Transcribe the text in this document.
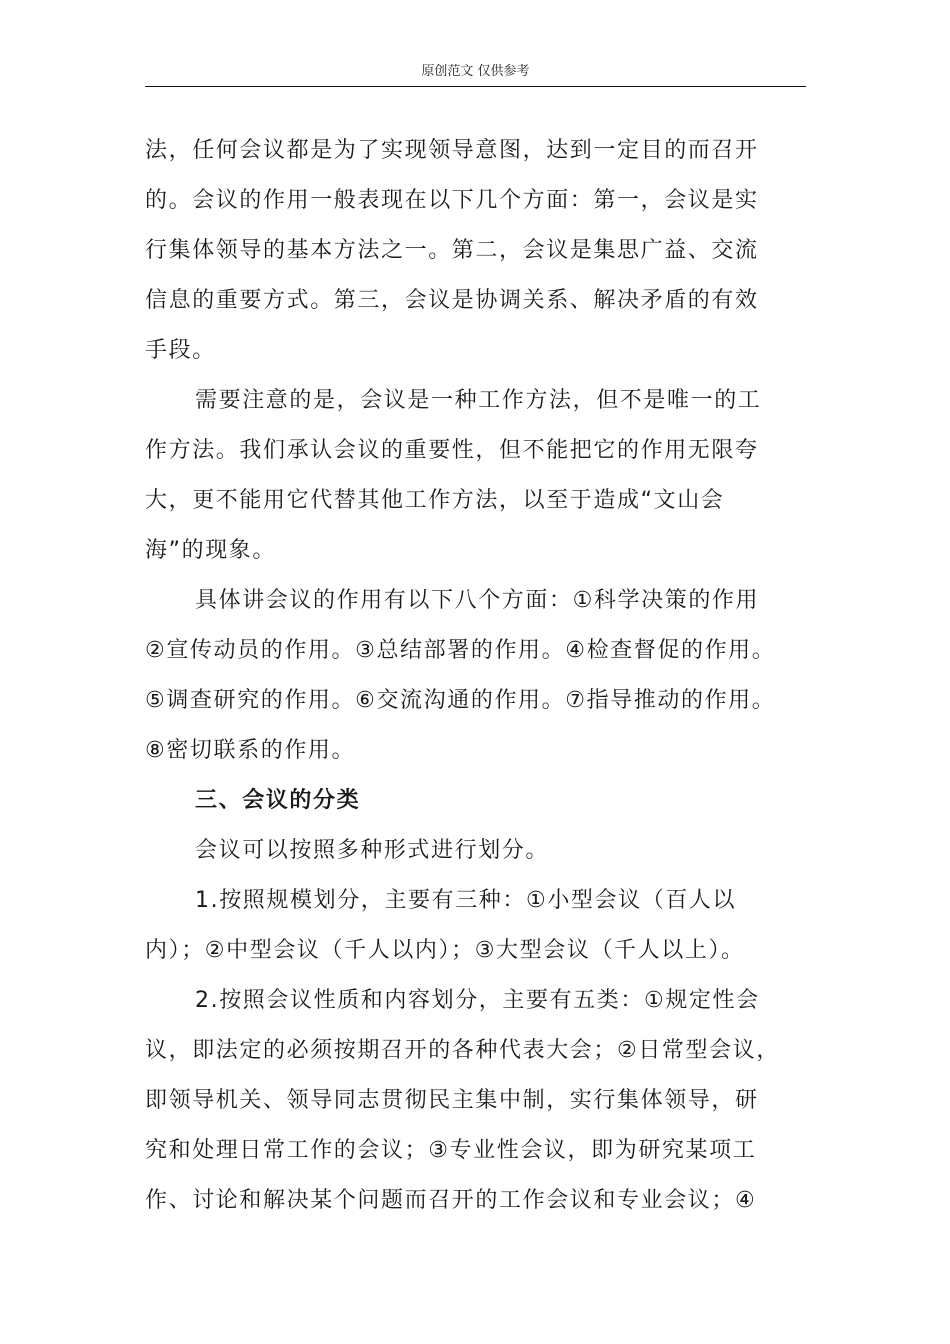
原创范文 仅供参考

法，任何会议都是为了实现领导意图，达到一定目的而召开

的。会议的作用一般表现在以下几个方面：第一，会议是实

行集体领导的基本方法之一。第二，会议是集思广益、交流

信息的重要方式。第三，会议是协调关系、解决矛盾的有效

手段。

需要注意的是，会议是一种工作方法，但不是唯一的工

作方法。我们承认会议的重要性，但不能把它的作用无限夸

大，更不能用它代替其他工作方法，以至于造成“文山会

海”的现象。

具体讲会议的作用有以下八个方面：①科学决策的作用

②宣传动员的作用。③总结部署的作用。④检查督促的作用。

⑤调查研究的作用。⑥交流沟通的作用。⑦指导推动的作用。

⑧密切联系的作用。

三、会议的分类

会议可以按照多种形式进行划分。

1.按照规模划分，主要有三种：①小型会议（百人以

内）；②中型会议（千人以内）；③大型会议（千人以上）。

2.按照会议性质和内容划分，主要有五类：①规定性会

议，即法定的必须按期召开的各种代表大会；②日常型会议，

即领导机关、领导同志贯彻民主集中制，实行集体领导，研

究和处理日常工作的会议；③专业性会议，即为研究某项工

作、讨论和解决某个问题而召开的工作会议和专业会议；④
